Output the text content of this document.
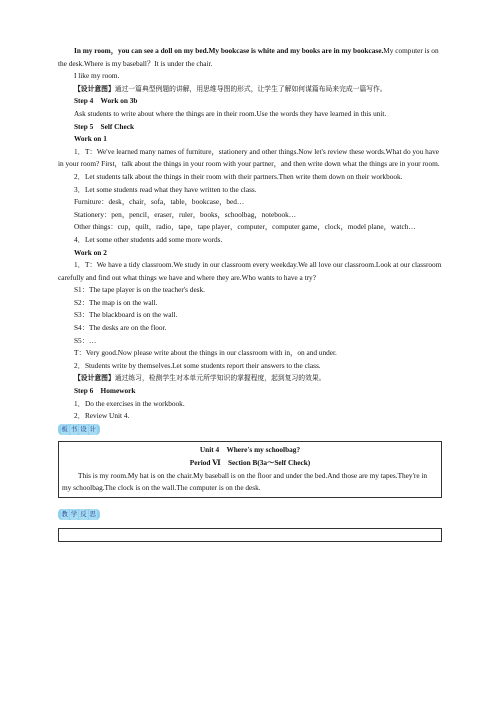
In my room，you can see a doll on my bed.My bookcase is white and my books are in my bookcase.My computer is on the desk.Where is my baseball？It is under the chair.

I like my room.

【设计意图】通过一篇典型例题的讲解，用思维导图的形式，让学生了解如何谋篇布局来完成一篇写作。

Step 4　Work on 3b

Ask students to write about where the things are in their room.Use the words they have learned in this unit.

Step 5　Self Check

Work on 1

1．T：We've learned many names of furniture，stationery and other things.Now let's review these words.What do you have in your room? First，talk about the things in your room with your partner，and then write down what the things are in your room.

2．Let students talk about the things in their room with their partners.Then write them down on their workbook.

3．Let some students read what they have written to the class.

Furniture：desk，chair，sofa，table，bookcase，bed…

Stationery：pen，pencil，eraser，ruler，books，schoolbag，notebook…

Other things：cup，quilt，radio，tape，tape player，computer，computer game，clock，model plane，watch…

4．Let some other students add some more words.

Work on 2

1．T：We have a tidy classroom.We study in our classroom every weekday.We all love our classroom.Look at our classroom carefully and find out what things we have and where they are.Who wants to have a try?

S1：The tape player is on the teacher's desk.

S2：The map is on the wall.

S3：The blackboard is on the wall.

S4：The desks are on the floor.

S5：…

T：Very good.Now please write about the things in our classroom with in，on and under.

2．Students write by themselves.Let some students report their answers to the class.

【设计意图】通过练习，检测学生对本单元所学知识的掌握程度，起到复习的效果。

Step 6　Homework

1．Do the exercises in the workbook.

2．Review Unit 4.

板 书 设 计

Unit 4　Where's my schoolbag?

Period Ⅵ　Section B(3a～Self Check)

This is my room.My hat is on the chair.My baseball is on the floor and under the bed.And those are my tapes.They're in my schoolbag.The clock is on the wall.The computer is on the desk.

教 学 反 思
